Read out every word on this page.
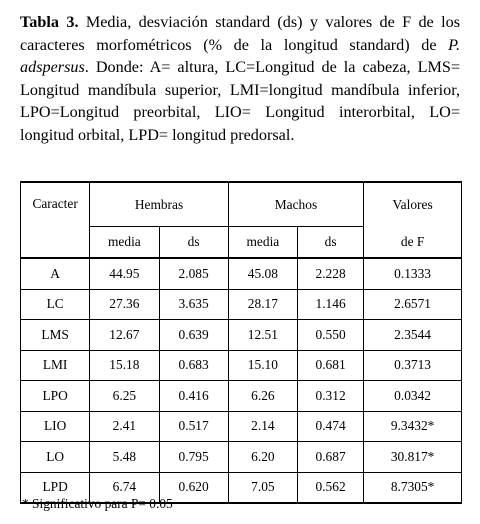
Tabla 3. Media, desviación standard (ds) y valores de F de los caracteres morfométricos (% de la longitud standard) de P. adspersus. Donde: A= altura, LC=Longitud de la cabeza, LMS= Longitud mandíbula superior, LMI=longitud mandíbula inferior, LPO=Longitud preorbital, LIO= Longitud interorbital, LO= longitud orbital, LPD= longitud predorsal.
Caracter	Hembras		Machos		Valores
	media	ds	media	ds	de F
A	44.95	2.085	45.08	2.228	0.1333
LC	27.36	3.635	28.17	1.146	2.6571
LMS	12.67	0.639	12.51	0.550	2.3544
LMI	15.18	0.683	15.10	0.681	0.3713
LPO	6.25	0.416	6.26	0.312	0.0342
LIO	2.41	0.517	2.14	0.474	9.3432*
LO	5.48	0.795	6.20	0.687	30.817*
LPD	6.74	0.620	7.05	0.562	8.7305*
* Significativo para P= 0.05
